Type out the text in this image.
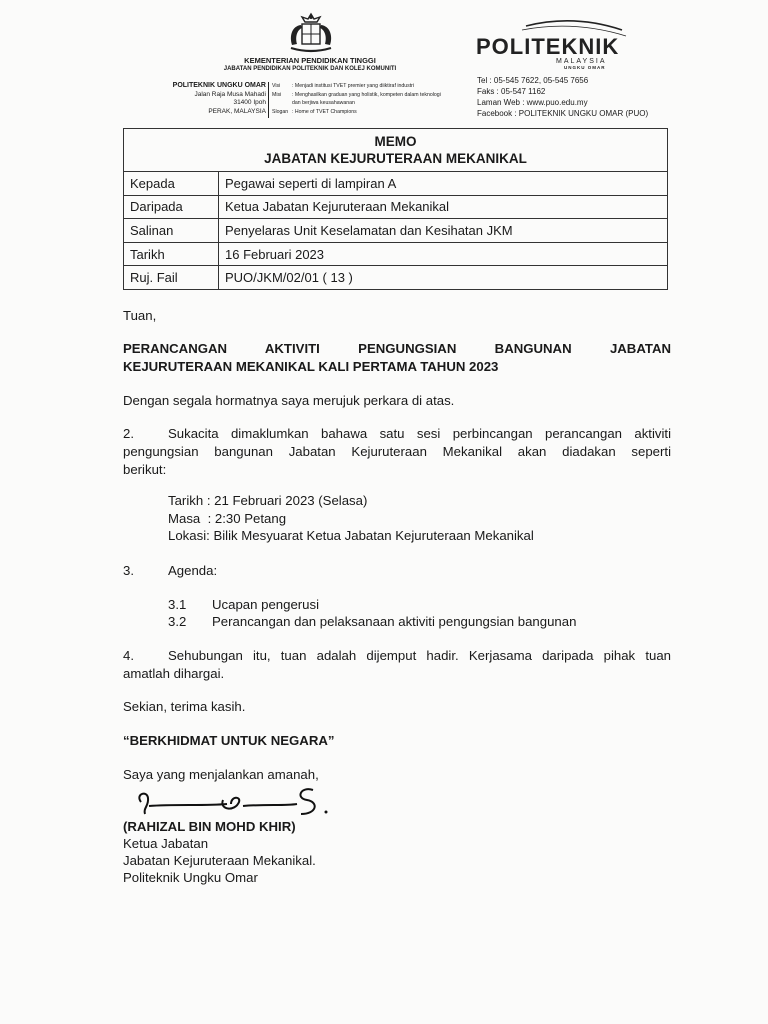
KEMENTERIAN PENDIDIKAN TINGGI
JABATAN PENDIDIKAN POLITEKNIK DAN KOLEJ KOMUNITI
POLITEKNIK UNGKU OMAR
Jalan Raja Musa Mahadi
31400 Ipoh
PERAK, MALAYSIA
Visi	: Menjadi institusi TVET premier yang diiktiraf industri
Misi	: Menghasilkan graduan yang holistik, kompeten dalam teknologi
dan berjiwa keusahawanan
Slogan : Home of TVET Champions
POLITEKNIK
MALAYSIA
UNGKU OMAR
Tel : 05-545 7622, 05-545 7656
Faks : 05-547 1162
Laman Web : www.puo.edu.my
Facebook : POLITEKNIK UNGKU OMAR (PUO)
MEMO
JABATAN KEJURUTERAAN MEKANIKAL	

Kepada	Pegawai seperti di lampiran A
Daripada	Ketua Jabatan Kejuruteraan Mekanikal
Salinan	Penyelaras Unit Keselamatan dan Kesihatan JKM
Tarikh	16 Februari 2023
Ruj. Fail	PUO/JKM/02/01 ( 13 )
Tuan,
PERANCANGAN AKTIVITI PENGUNGSIAN BANGUNAN JABATAN
KEJURUTERAAN MEKANIKAL KALI PERTAMA TAHUN 2023
Dengan segala hormatnya saya merujuk perkara di atas.
2.	Sukacita dimaklumkan bahawa satu sesi perbincangan perancangan aktiviti
pengungsian bangunan Jabatan Kejuruteraan Mekanikal akan diadakan seperti
berikut:
Tarikh : 21 Februari 2023 (Selasa)
Masa  : 2:30 Petang
Lokasi: Bilik Mesyuarat Ketua Jabatan Kejuruteraan Mekanikal
3.	Agenda:
3.1 Ucapan pengerusi
3.2 Perancangan dan pelaksanaan aktiviti pengungsian bangunan
4.	Sehubungan itu, tuan adalah dijemput hadir. Kerjasama daripada pihak tuan
amatlah dihargai.
Sekian, terima kasih.
“BERKHIDMAT UNTUK NEGARA”
Saya yang menjalankan amanah,
(RAHIZAL BIN MOHD KHIR)
Ketua Jabatan
Jabatan Kejuruteraan Mekanikal.
Politeknik Ungku Omar
